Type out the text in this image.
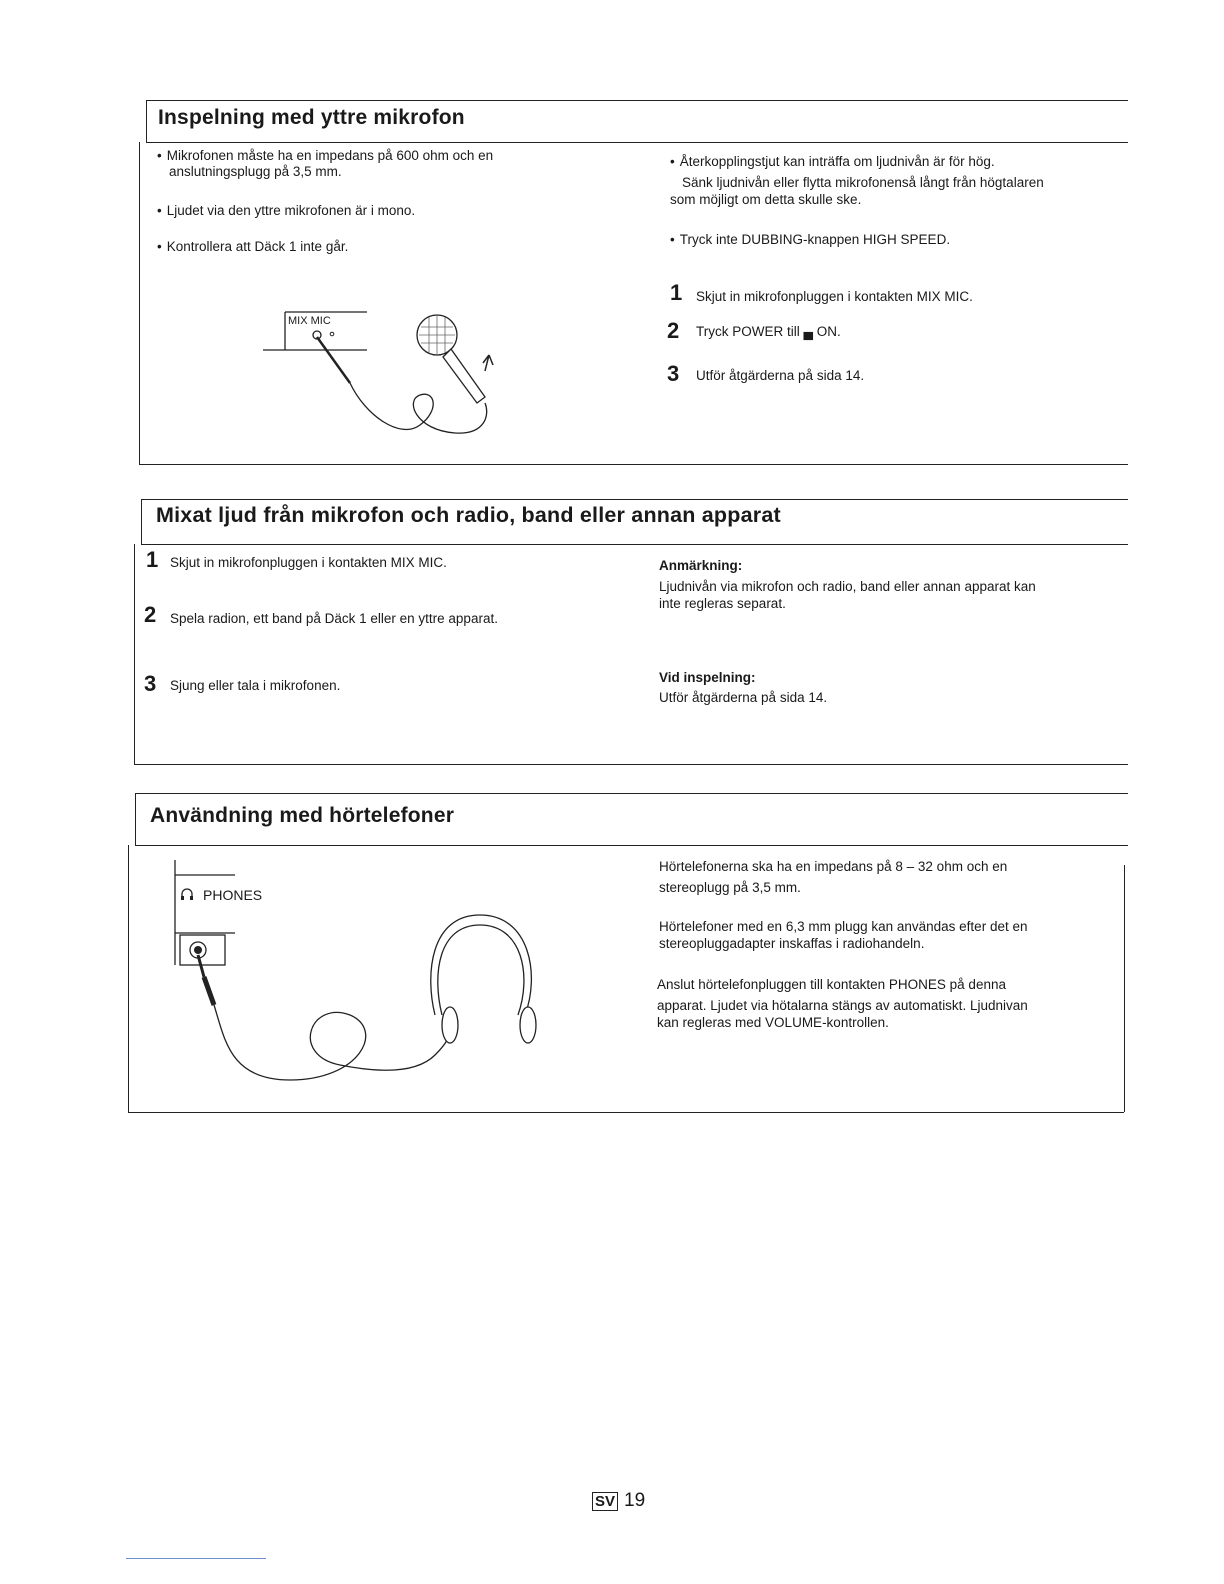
Inspelning med yttre mikrofon
• Mikrofonen måste ha en impedans på 600 ohm och en
anslutningsplugg på 3,5 mm.
• Ljudet via den yttre mikrofonen är i mono.
• Kontrollera att Däck 1 inte går.
• Återkopplingstjut kan inträffa om ljudnivån är för hög.
Sänk ljudnivån eller flytta mikrofonenså långt från högtalaren
som möjligt om detta skulle ske.
• Tryck inte DUBBING-knappen HIGH SPEED.
1 Skjut in mikrofonpluggen i kontakten MIX MIC.
2 Tryck POWER till ▄ ON.
3 Utför åtgärderna på sida 14.
MIX MIC
Mixat ljud från mikrofon och radio, band eller annan apparat
1 Skjut in mikrofonpluggen i kontakten MIX MIC.
2 Spela radion, ett band på Däck 1 eller en yttre apparat.
3 Sjung eller tala i mikrofonen.
Anmärkning:
Ljudnivån via mikrofon och radio, band eller annan apparat kan
inte regleras separat.
Vid inspelning:
Utför åtgärderna på sida 14.
Användning med hörtelefoner
PHONES
Hörtelefonerna ska ha en impedans på 8 – 32 ohm och en
stereoplugg på 3,5 mm.
Hörtelefoner med en 6,3 mm plugg kan användas efter det en
stereopluggadapter inskaffas i radiohandeln.
Anslut hörtelefonpluggen till kontakten PHONES på denna
apparat. Ljudet via hötalarna stängs av automatiskt. Ljudnivan
kan regleras med VOLUME-kontrollen.
SV 19
